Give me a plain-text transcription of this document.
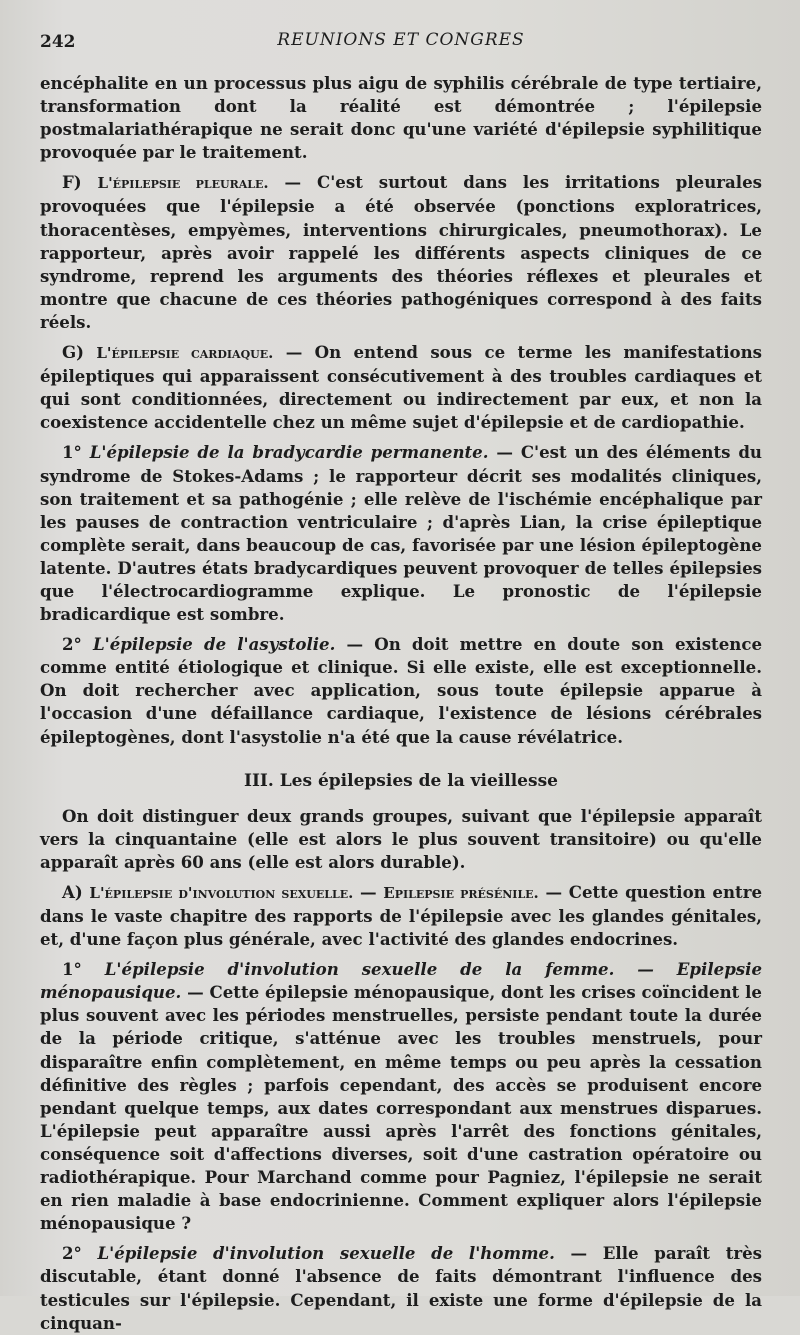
242	REUNIONS ET CONGRES

encéphalite en un processus plus aigu de syphilis cérébrale de type tertiaire, transformation dont la réalité est démontrée ; l'épilepsie postmalariathérapique ne serait donc qu'une variété d'épilepsie syphilitique provoquée par le traitement.

F) L'épilepsie pleurale. — C'est surtout dans les irritations pleurales provoquées que l'épilepsie a été observée (ponctions exploratrices, thoracentèses, empyèmes, interventions chirurgicales, pneumothorax). Le rapporteur, après avoir rappelé les différents aspects cliniques de ce syndrome, reprend les arguments des théories réflexes et pleurales et montre que chacune de ces théories pathogéniques correspond à des faits réels.

G) L'épilepsie cardiaque. — On entend sous ce terme les manifestations épileptiques qui apparaissent consécutivement à des troubles cardiaques et qui sont conditionnées, directement ou indirectement par eux, et non la coexistence accidentelle chez un même sujet d'épilepsie et de cardiopathie.

1° L'épilepsie de la bradycardie permanente. — C'est un des éléments du syndrome de Stokes-Adams ; le rapporteur décrit ses modalités cliniques, son traitement et sa pathogénie ; elle relève de l'ischémie encéphalique par les pauses de contraction ventriculaire ; d'après Lian, la crise épileptique complète serait, dans beaucoup de cas, favorisée par une lésion épileptogène latente. D'autres états bradycardiques peuvent provoquer de telles épilepsies que l'électrocardiogramme explique. Le pronostic de l'épilepsie bradicardique est sombre.

2° L'épilepsie de l'asystolie. — On doit mettre en doute son existence comme entité étiologique et clinique. Si elle existe, elle est exceptionnelle. On doit rechercher avec application, sous toute épilepsie apparue à l'occasion d'une défaillance cardiaque, l'existence de lésions cérébrales épileptogènes, dont l'asystolie n'a été que la cause révélatrice.

III. Les épilepsies de la vieillesse

On doit distinguer deux grands groupes, suivant que l'épilepsie apparaît vers la cinquantaine (elle est alors le plus souvent transitoire) ou qu'elle apparaît après 60 ans (elle est alors durable).

A) L'épilepsie d'involution sexuelle. — Epilepsie présénile. — Cette question entre dans le vaste chapitre des rapports de l'épilepsie avec les glandes génitales, et, d'une façon plus générale, avec l'activité des glandes endocrines.

1° L'épilepsie d'involution sexuelle de la femme. — Epilepsie ménopausique. — Cette épilepsie ménopausique, dont les crises coïncident le plus souvent avec les périodes menstruelles, persiste pendant toute la durée de la période critique, s'atténue avec les troubles menstruels, pour disparaître enfin complètement, en même temps ou peu après la cessation définitive des règles ; parfois cependant, des accès se produisent encore pendant quelque temps, aux dates correspondant aux menstrues disparues. L'épilepsie peut apparaître aussi après l'arrêt des fonctions génitales, conséquence soit d'affections diverses, soit d'une castration opératoire ou radiothérapique. Pour Marchand comme pour Pagniez, l'épilepsie ne serait en rien maladie à base endocrinienne. Comment expliquer alors l'épilepsie ménopausique ?

2° L'épilepsie d'involution sexuelle de l'homme. — Elle paraît très discutable, étant donné l'absence de faits démontrant l'influence des testicules sur l'épilepsie. Cependant, il existe une forme d'épilepsie de la cinquan-
